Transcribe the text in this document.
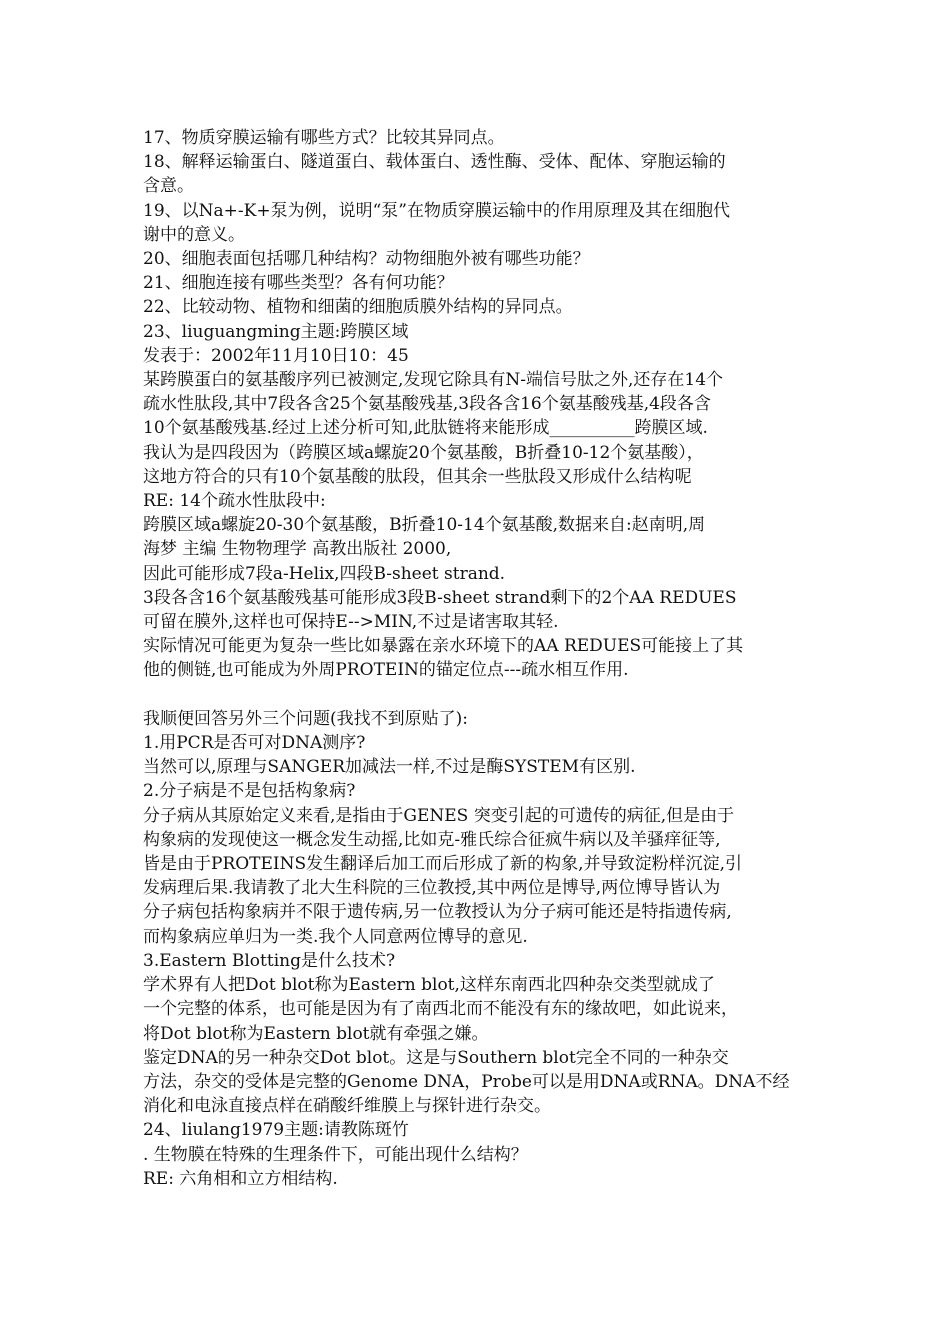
17、物质穿膜运输有哪些方式？比较其异同点。
18、解释运输蛋白、隧道蛋白、载体蛋白、透性酶、受体、配体、穿胞运输的
含意。
19、以Na+-K+泵为例，说明“泵”在物质穿膜运输中的作用原理及其在细胞代
谢中的意义。
20、细胞表面包括哪几种结构？动物细胞外被有哪些功能？
21、细胞连接有哪些类型？各有何功能？
22、比较动物、植物和细菌的细胞质膜外结构的异同点。
23、liuguangming主题:跨膜区域
发表于：2002年11月10日10：45
某跨膜蛋白的氨基酸序列已被测定,发现它除具有N-端信号肽之外,还存在14个
疏水性肽段,其中7段各含25个氨基酸残基,3段各含16个氨基酸残基,4段各含
10个氨基酸残基.经过上述分析可知,此肽链将来能形成__________跨膜区域.
我认为是四段因为（跨膜区域a螺旋20个氨基酸，B折叠10-12个氨基酸），
这地方符合的只有10个氨基酸的肽段，但其余一些肽段又形成什么结构呢
RE: 14个疏水性肽段中:
跨膜区域a螺旋20-30个氨基酸，B折叠10-14个氨基酸,数据来自:赵南明,周
海梦 主编 生物物理学 高教出版社 2000,
因此可能形成7段a-Helix,四段B-sheet strand.
3段各含16个氨基酸残基可能形成3段B-sheet strand剩下的2个AA REDUES
可留在膜外,这样也可保持E-->MIN,不过是诸害取其轻.
实际情况可能更为复杂一些比如暴露在亲水环境下的AA REDUES可能接上了其
他的侧链,也可能成为外周PROTEIN的锚定位点---疏水相互作用.
我顺便回答另外三个问题(我找不到原贴了):
1.用PCR是否可对DNA测序?
当然可以,原理与SANGER加减法一样,不过是酶SYSTEM有区别.
2.分子病是不是包括构象病?
分子病从其原始定义来看,是指由于GENES 突变引起的可遗传的病征,但是由于
构象病的发现使这一概念发生动摇,比如克-雅氏综合征疯牛病以及羊骚痒征等,
皆是由于PROTEINS发生翻译后加工而后形成了新的构象,并导致淀粉样沉淀,引
发病理后果.我请教了北大生科院的三位教授,其中两位是博导,两位博导皆认为
分子病包括构象病并不限于遗传病,另一位教授认为分子病可能还是特指遗传病,
而构象病应单归为一类.我个人同意两位博导的意见.
3.Eastern Blotting是什么技术?
学术界有人把Dot blot称为Eastern blot,这样东南西北四种杂交类型就成了
一个完整的体系，也可能是因为有了南西北而不能没有东的缘故吧，如此说来，
将Dot blot称为Eastern blot就有牵强之嫌。
鉴定DNA的另一种杂交Dot blot。这是与Southern blot完全不同的一种杂交
方法，杂交的受体是完整的Genome DNA，Probe可以是用DNA或RNA。DNA不经
消化和电泳直接点样在硝酸纤维膜上与探针进行杂交。
24、liulang1979主题:请教陈斑竹
. 生物膜在特殊的生理条件下，可能出现什么结构？
RE: 六角相和立方相结构.
